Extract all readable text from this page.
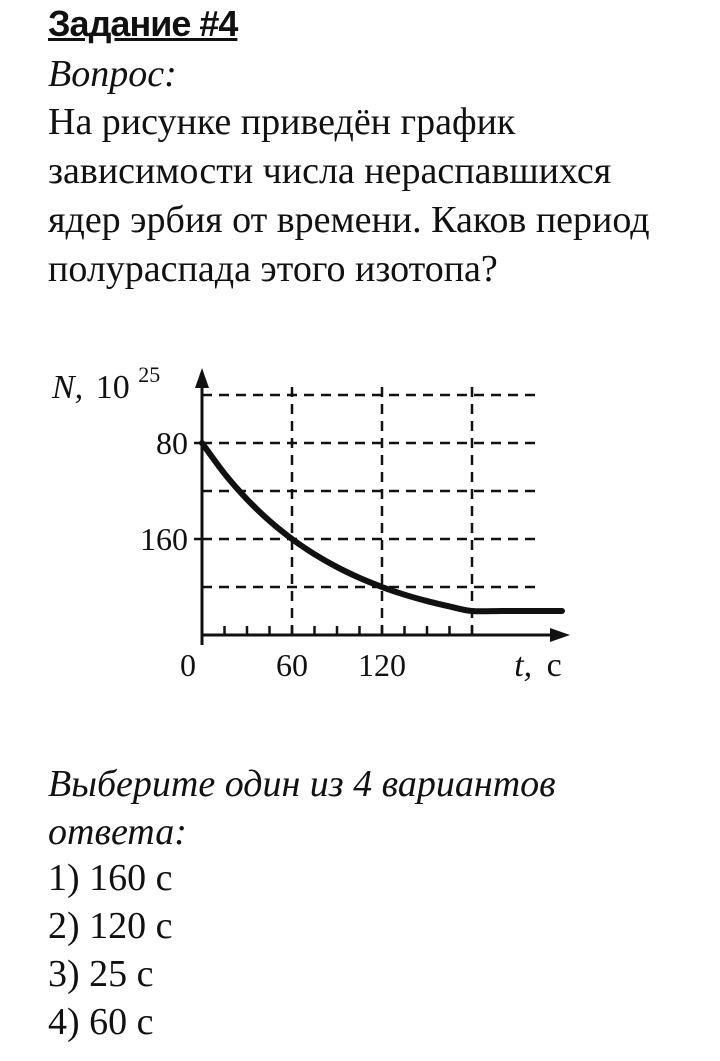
Задание #4
Вопрос:

На рисунке приведён график зависимости числа нераспавшихся ядер эрбия от времени. Каков период полураспада этого изотопа?

N, 10 $^{25}$
0	t, с
160
80
60 120

Выберите один из 4 вариантов ответа:

1) 160 с
2) 120 с
3) 25 с
4) 60 с
